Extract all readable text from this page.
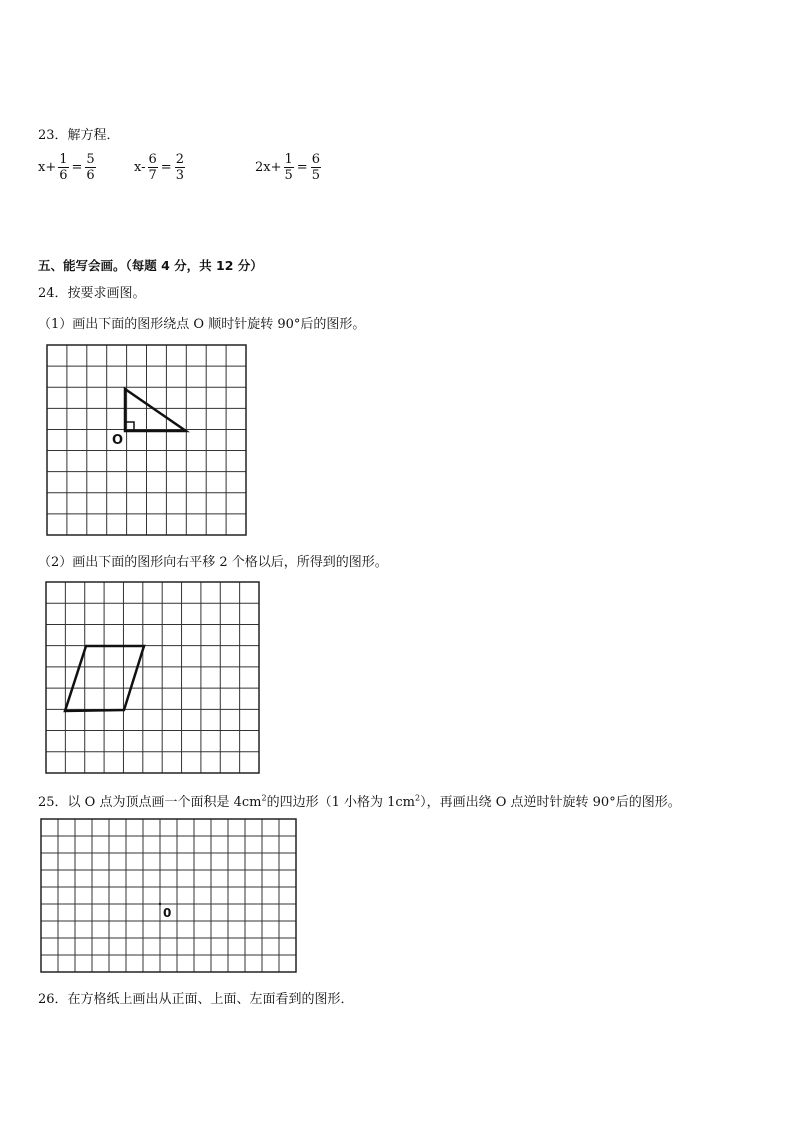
23．解方程．
$x+ \frac{1}{6} = \frac{5}{6}$	$x- \frac{6}{7} = \frac{2}{3}$	$2x+ \frac{1}{5} = \frac{6}{5}$
五、能写会画。（每题 4 分，共 12 分）
24．按要求画图。
（1）画出下面的图形绕点 O 顺时针旋转 90°后的图形。
O
（2）画出下面的图形向右平移 2 个格以后，所得到的图形。
25．以 O 点为顶点画一个面积是 $4cm^2$的四边形（1 小格为 $1cm^2$），再画出绕 O 点逆时针旋转 90°后的图形。
0
26．在方格纸上画出从正面、上面、左面看到的图形．
